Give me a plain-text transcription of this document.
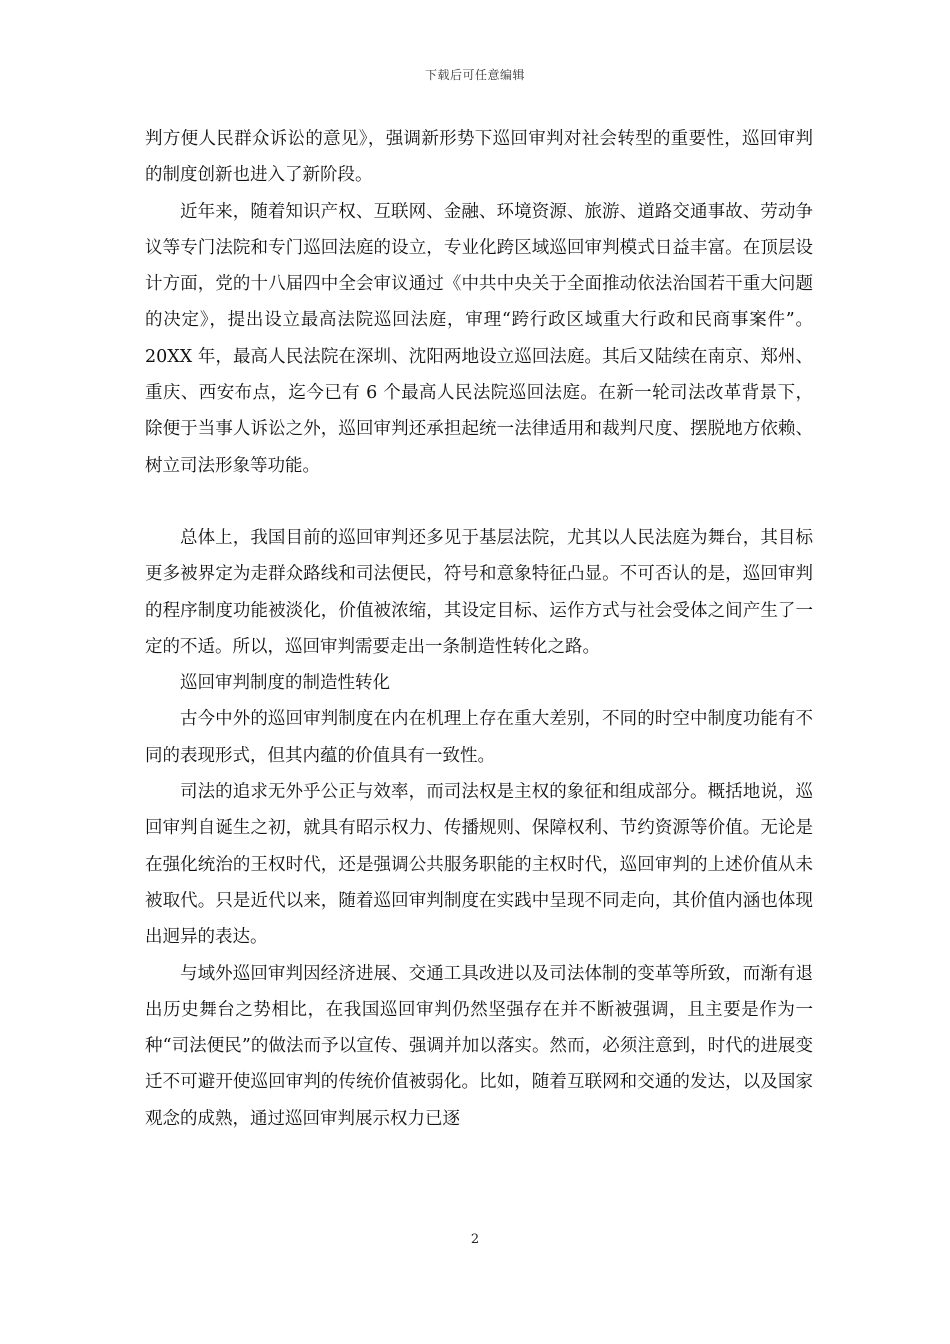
下载后可任意编辑

判方便人民群众诉讼的意见》，强调新形势下巡回审判对社会转型的重要性，巡回审判的制度创新也进入了新阶段。

近年来，随着知识产权、互联网、金融、环境资源、旅游、道路交通事故、劳动争议等专门法院和专门巡回法庭的设立，专业化跨区域巡回审判模式日益丰富。在顶层设计方面，党的十八届四中全会审议通过《中共中央关于全面推动依法治国若干重大问题的决定》，提出设立最高法院巡回法庭，审理“跨行政区域重大行政和民商事案件”。20XX 年，最高人民法院在深圳、沈阳两地设立巡回法庭。其后又陆续在南京、郑州、重庆、西安布点，迄今已有 6 个最高人民法院巡回法庭。在新一轮司法改革背景下，除便于当事人诉讼之外，巡回审判还承担起统一法律适用和裁判尺度、摆脱地方依赖、树立司法形象等功能。

总体上，我国目前的巡回审判还多见于基层法院，尤其以人民法庭为舞台，其目标更多被界定为走群众路线和司法便民，符号和意象特征凸显。不可否认的是，巡回审判的程序制度功能被淡化，价值被浓缩，其设定目标、运作方式与社会受体之间产生了一定的不适。所以，巡回审判需要走出一条制造性转化之路。

巡回审判制度的制造性转化

古今中外的巡回审判制度在内在机理上存在重大差别，不同的时空中制度功能有不同的表现形式，但其内蕴的价值具有一致性。

司法的追求无外乎公正与效率，而司法权是主权的象征和组成部分。概括地说，巡回审判自诞生之初，就具有昭示权力、传播规则、保障权利、节约资源等价值。无论是在强化统治的王权时代，还是强调公共服务职能的主权时代，巡回审判的上述价值从未被取代。只是近代以来，随着巡回审判制度在实践中呈现不同走向，其价值内涵也体现出迥异的表达。

与域外巡回审判因经济进展、交通工具改进以及司法体制的变革等所致，而渐有退出历史舞台之势相比，在我国巡回审判仍然坚强存在并不断被强调，且主要是作为一种“司法便民”的做法而予以宣传、强调并加以落实。然而，必须注意到，时代的进展变迁不可避开使巡回审判的传统价值被弱化。比如，随着互联网和交通的发达，以及国家观念的成熟，通过巡回审判展示权力已逐

2
